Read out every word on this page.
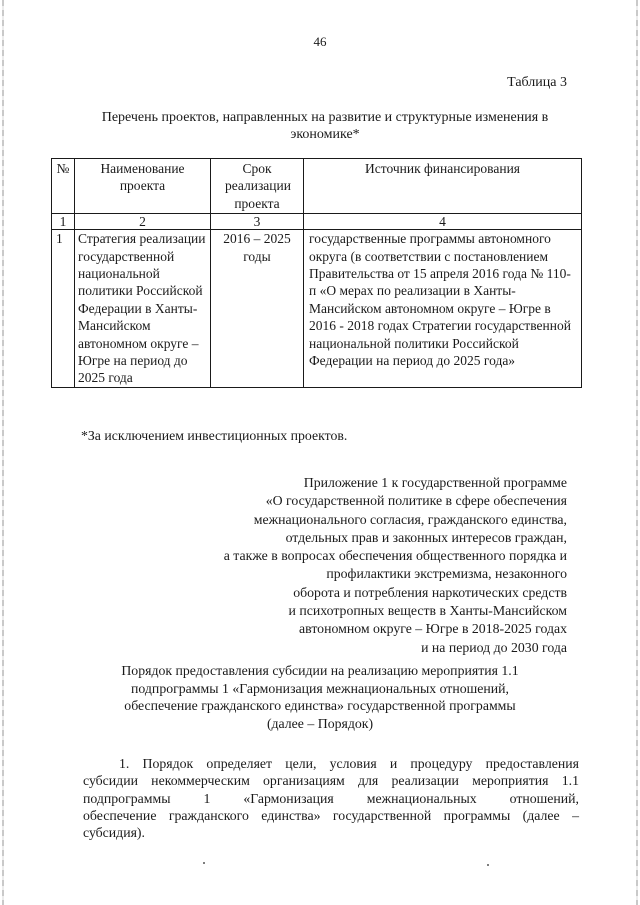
46
Таблица 3
Перечень проектов, направленных на развитие и структурные изменения в экономике*
№	Наименование проекта	Срок реализации проекта	Источник финансирования
1	2	3	4
1	Стратегия реализации государственной национальной политики Российской Федерации в Ханты-Мансийском автономном округе – Югре на период до 2025 года	2016 – 2025 годы	государственные программы автономного округа (в соответствии с постановлением Правительства от 15 апреля 2016 года № 110-п «О мерах по реализации в Ханты-Мансийском автономном округе – Югре в 2016 - 2018 годах Стратегии государственной национальной политики Российской Федерации на период до 2025 года»
*За исключением инвестиционных проектов.
Приложение 1 к государственной программе
«О государственной политике в сфере обеспечения
межнационального согласия, гражданского единства,
отдельных прав и законных интересов граждан,
а также в вопросах обеспечения общественного порядка и
профилактики экстремизма, незаконного
оборота и потребления наркотических средств
и психотропных веществ в Ханты-Мансийском
автономном округе – Югре в 2018-2025 годах
и на период до 2030 года
Порядок предоставления субсидии на реализацию мероприятия 1.1
подпрограммы 1 «Гармонизация межнациональных отношений,
обеспечение гражданского единства» государственной программы
(далее – Порядок)
1. Порядок определяет цели, условия и процедуру предоставления
субсидии некоммерческим организациям для реализации мероприятия 1.1
подпрограммы 1 «Гармонизация межнациональных отношений,
обеспечение гражданского единства» государственной программы (далее –
субсидия).
